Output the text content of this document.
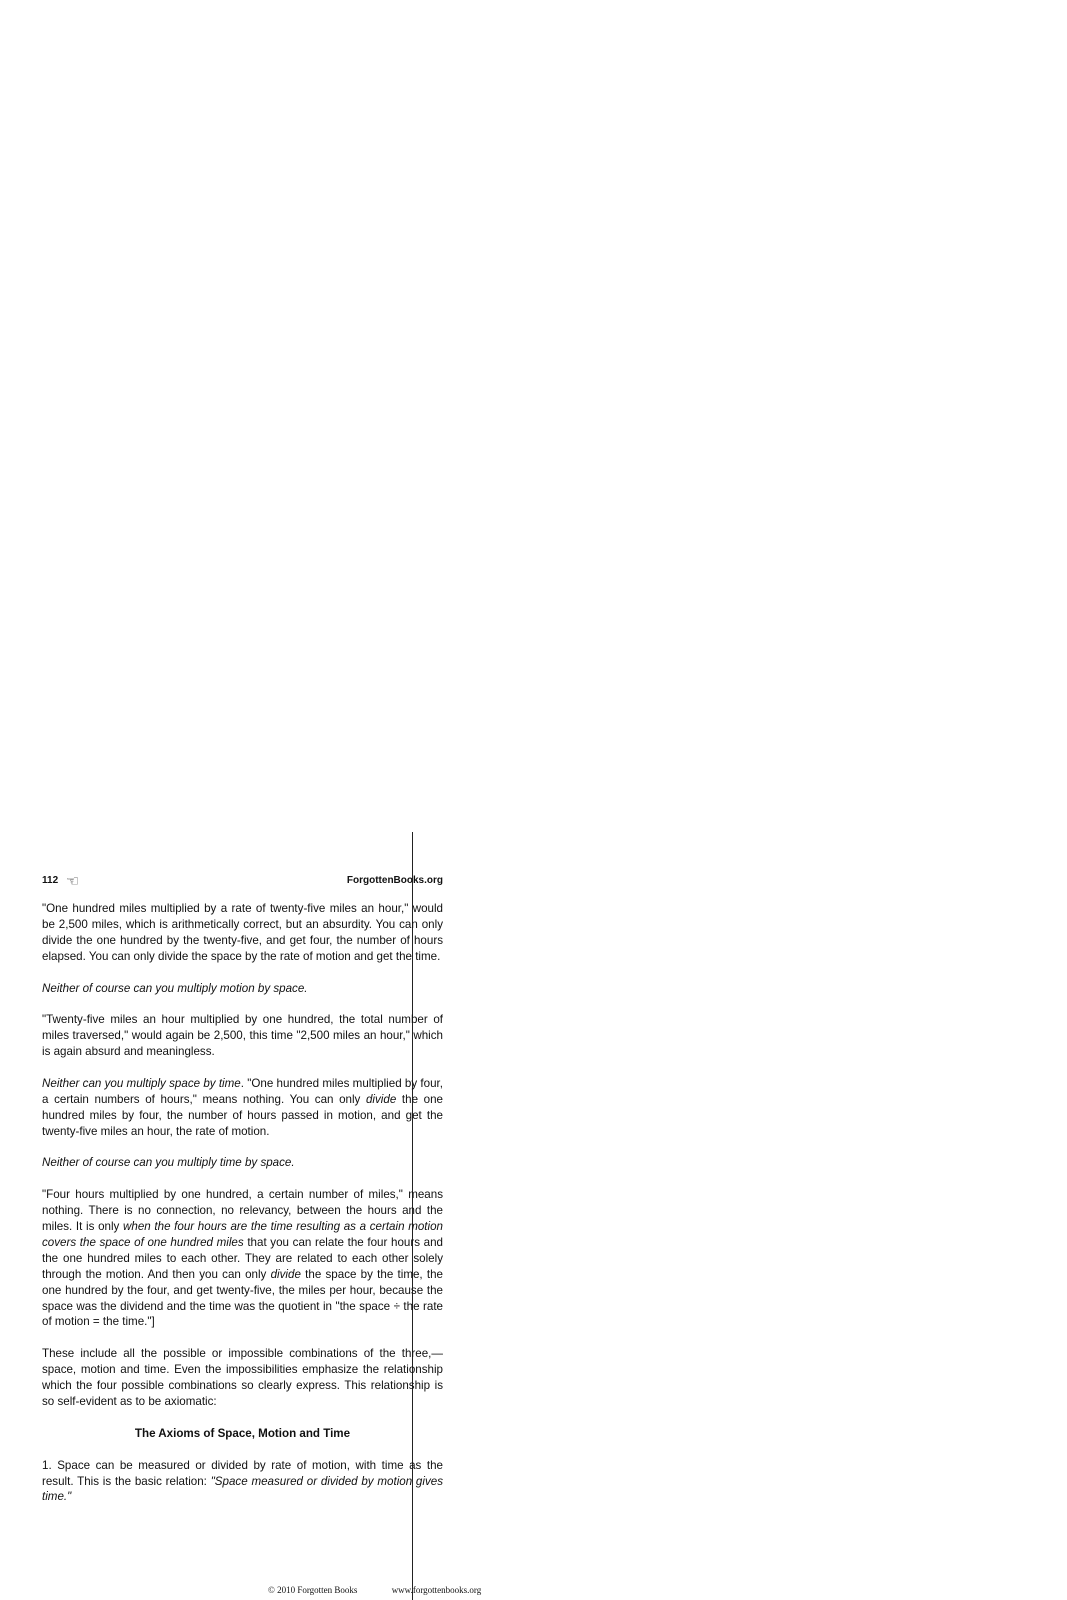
112 ☜	ForgottenBooks.org

"One hundred miles multiplied by a rate of twenty-five miles an hour," would be 2,500 miles, which is arithmetically correct, but an absurdity. You can only divide the one hundred by the twenty-five, and get four, the number of hours elapsed. You can only divide the space by the rate of motion and get the time.

Neither of course can you multiply motion by space.

"Twenty-five miles an hour multiplied by one hundred, the total number of miles traversed," would again be 2,500, this time "2,500 miles an hour," which is again absurd and meaningless.

Neither can you multiply space by time. "One hundred miles multiplied by four, a certain numbers of hours," means nothing. You can only divide the one hundred miles by four, the number of hours passed in motion, and get the twenty-five miles an hour, the rate of motion.

Neither of course can you multiply time by space.

"Four hours multiplied by one hundred, a certain number of miles," means nothing. There is no connection, no relevancy, between the hours and the miles. It is only when the four hours are the time resulting as a certain motion covers the space of one hundred miles that you can relate the four hours and the one hundred miles to each other. They are related to each other solely through the motion. And then you can only divide the space by the time, the one hundred by the four, and get twenty-five, the miles per hour, because the space was the dividend and the time was the quotient in "the space ÷ the rate of motion = the time."]

These include all the possible or impossible combinations of the three,—space, motion and time. Even the impossibilities emphasize the relationship which the four possible combinations so clearly express. This relationship is so self-evident as to be axiomatic:

The Axioms of Space, Motion and Time

1. Space can be measured or divided by rate of motion, with time as the result. This is the basic relation: "Space measured or divided by motion gives time."

© 2010 Forgotten Books	www.forgottenbooks.org
